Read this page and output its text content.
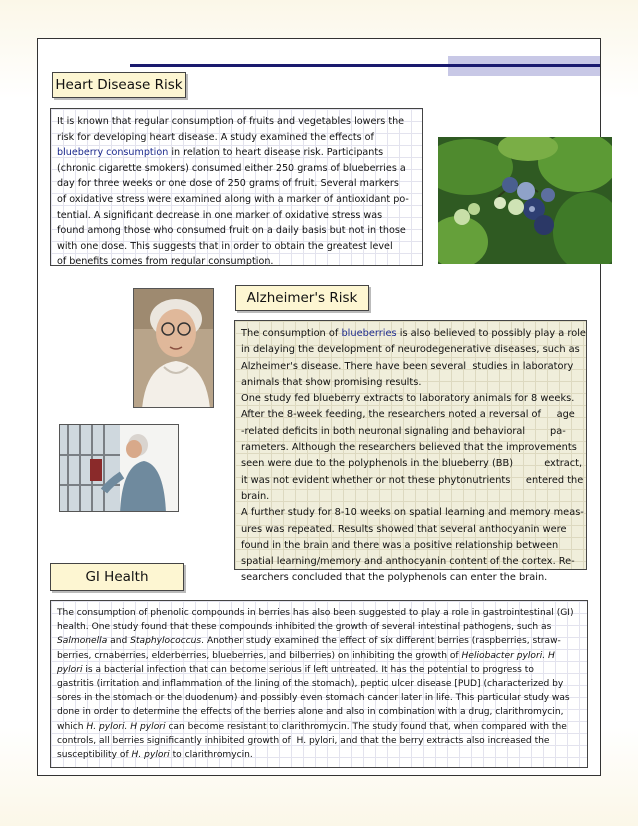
Heart Disease Risk
It is known that regular consumption of fruits and vegetables lowers the
risk for developing heart disease. A study examined the effects of
blueberry consumption in relation to heart disease risk. Participants
(chronic cigarette smokers) consumed either 250 grams of blueberries a
day for three weeks or one dose of 250 grams of fruit. Several markers
of oxidative stress were examined along with a marker of antioxidant po-
tential. A significant decrease in one marker of oxidative stress was
found among those who consumed fruit on a daily basis but not in those
with one dose. This suggests that in order to obtain the greatest level
of benefits comes from regular consumption.
Alzheimer's Risk
The consumption of blueberries is also believed to possibly play a role
in delaying the development of neurodegenerative diseases, such as
Alzheimer's disease. There have been several  studies in laboratory
animals that show promising results.
One study fed blueberry extracts to laboratory animals for 8 weeks.
After the 8-week feeding, the researchers noted a reversal of     age
-related deficits in both neuronal signaling and behavioral        pa-
rameters. Although the researchers believed that the improvements
seen were due to the polyphenols in the blueberry (BB)          extract,
it was not evident whether or not these phytonutrients     entered the
brain.
A further study for 8-10 weeks on spatial learning and memory meas-
ures was repeated. Results showed that several anthocyanin were
found in the brain and there was a positive relationship between
spatial learning/memory and anthocyanin content of the cortex. Re-
searchers concluded that the polyphenols can enter the brain.
GI Health
The consumption of phenolic compounds in berries has also been suggested to play a role in gastrointestinal (GI)
health. One study found that these compounds inhibited the growth of several intestinal pathogens, such as
Salmonella and Staphylococcus. Another study examined the effect of six different berries (raspberries, straw-
berries, crnaberries, elderberries, blueberries, and bilberries) on inhibiting the growth of Heliobacter pylori. H
pylori is a bacterial infection that can become serious if left untreated. It has the potential to progress to
gastritis (irritation and inflammation of the lining of the stomach), peptic ulcer disease [PUD] (characterized by
sores in the stomach or the duodenum) and possibly even stomach cancer later in life. This particular study was
done in order to determine the effects of the berries alone and also in combination with a drug, clarithromycin,
which H. pylori. H pylori can become resistant to clarithromycin. The study found that, when compared with the
controls, all berries significantly inhibited growth of  H. pylori, and that the berry extracts also increased the
susceptibility of H. pylori to clarithromycin.
